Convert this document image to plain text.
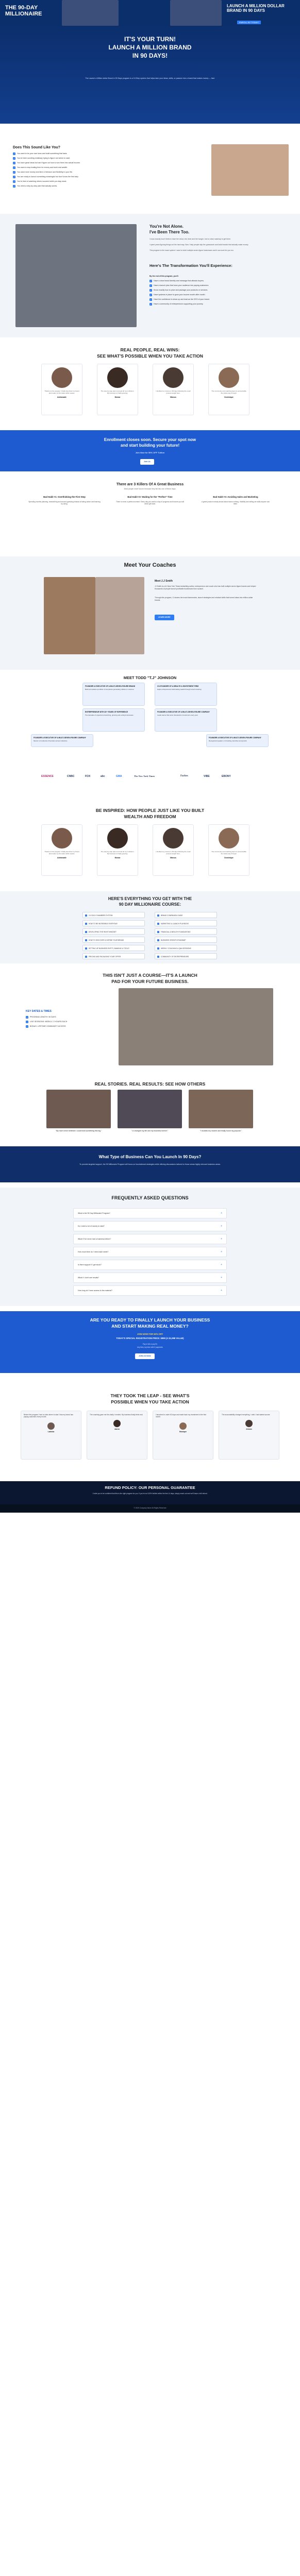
THE 90-DAY MILLIONAIRE
LAUNCH A MILLION DOLLAR BRAND IN 90 DAYS
ENROLL BY TODAY!
IT'S YOUR TURN!
LAUNCH A MILLION BRAND
IN 90 DAYS!
The Launch a Million dollar Brand in 90 Days program is a 10-Step system that helps take your ideas, skills, or passion into a brand that makes money — fast.
Does This Sound Like You?
✓ You want to be your own boss and build something that lasts.
✓ You've been scrolling endlessly trying to figure out where to start.
✓ You have great ideas but can't figure out how to turn them into actual income.
✓ You want to stop trading time for money and build real wealth.
✓ You want more money and time & freedom and flexibility in your life.
✓ You are ready to launch something meaningful but don't know the first step.
✓ You're tired of watching others succeed while you stay stuck.
✓ You need a step-by-step plan that actually works.
You're Not Alone.
I've Been There Too.
I know exactly how it feels to have the vision, the drive and the hunger, but no clear roadmap to get there.
I spent years figuring things out the hard way. Now I help people skip the guesswork and build brands that actually make money.
This program is the exact system I used to build multiple seven-figure businesses and it can work for you too.
Here's The Transformation You'll Experience:
By the end of this program, you'll:
✓ Have a clear brand identity and message that attracts buyers.
✓ Have a launch plan that turns your audience into paying customers.
✓ Know exactly how to price and package your products or services.
✓ Have systems in place to grow your income month after month.
✓ Have the confidence to show up and lead as the CEO of your brand.
✓ Have a community of entrepreneurs supporting your journey.
REAL PEOPLE, REAL WINS:
SEE WHAT'S POSSIBLE WHEN YOU TAKE ACTION

Thanks to this program I finally launched my brand and made my first sales within weeks.

Adebowale

The step-by-step plan removed all my confusion. My business is finally growing.

Monae

I doubled my income in 90 days following the exact process taught here.

Marcus

The community and coaching kept me accountable the whole way through.

Dominique
Enrollment closes soon. Secure your spot now
and start building your future!
Join Now for 50% OFF Tuition
Join Us
There are 3 Killers Of A Great Business
Most people never launch because they fall into one of these traps.
Bad Habit #1: Overthinking the First Step
Spending months planning, researching and second-guessing instead of taking action and learning by doing.
Bad Habit #2: Waiting for the "Perfect" Time
There is never a perfect moment. Every day you wait is a day of progress and income you will never get back.
Bad Habit #3: Avoiding Sales and Marketing
A great product nobody knows about earns nothing. Visibility and selling are skills anyone can learn.
Meet Your Coaches
Meet J.J Smith
JJ Smith is a #1 New York Times bestselling author, entrepreneur and coach who has built multiple seven-figure brands and helped thousands of people launch profitable businesses from scratch.
Through this program, JJ shares the exact frameworks, launch strategies and mindset shifts that turned ideas into million-dollar brands.
LEARN MORE
MEET TODD "T.J" JOHNSON
FOUNDER & EXECUTIVE OF A MULTI-SEVEN-FIGURE BRAND
Built and scaled a portfolio of companies generating millions in revenue.
CO-FOUNDER OF A WEALTH & INVESTMENT FIRM
Helps entrepreneurs build lasting wealth through smart investing.
ENTREPRENEUR WITH 20+ YEARS OF EXPERIENCE
Two decades of experience launching, growing and exiting businesses.
FOUNDER & EXECUTIVE OF A MULTI-SEVEN-FIGURE COMPANY
Leads teams that serve thousands of customers every year.
FOUNDER & EXECUTIVE OF A MULTI-SEVEN-FIGURE COMPANY
Mentor to hundreds of founders across industries.
FOUNDER & EXECUTIVE OF A MULTI-SEVEN-FIGURE COMPANY
Recognized speaker on branding, launches and growth.
ESSENCE	CNBC	FOX	abc	GMA	The New York Times	Forbes	VIBE	EBONY
BE INSPIRED: HOW PEOPLE JUST LIKE YOU BUILT
WEALTH AND FREEDOM

Thanks to this program I finally launched my brand and made my first sales within weeks.

Adebowale

The step-by-step plan removed all my confusion. My business is finally growing.

Monae

I doubled my income in 90 days following the exact process taught here.

Marcus

The community and coaching kept me accountable the whole way through.

Dominique
HERE'S EVERYTHING YOU GET WITH THE
90 DAY MILLIONAIRE COURSE:
10 GOLD CHAMBERS SYSTEM
HOW TO BE INCREDIBLE EVERYDAY
DEVELOPING THE RIGHT MINDSET
HOW TO DISCOVER & DEFINE YOUR BRAND
SETTING UP BUSINESS ENTITY, BANKING & TOOLS
PRICING AND PACKAGING YOUR OFFER
BRAND COMPANION GUIDE
MARKETING & LAUNCH PLAYBOOK
FINANCIAL & WEALTH FOUNDATIONS
BUSINESS GROWTH ROADMAP
WEEKLY COACHING & Q&A SESSIONS
COMMUNITY OF ENTREPRENEURS
THIS ISN'T JUST A COURSE—IT'S A LAUNCH
PAD FOR YOUR FUTURE BUSINESS.
KEY DATES & TIMES
•	PROGRAM LENGTH: 90 DAYS
•	LIVE SESSIONS: WEEKLY, 2 HOURS EACH
•	BONUS: LIFETIME COMMUNITY ACCESS
REAL STORIES. REAL RESULTS: SEE HOW OTHERS
"My mom never believed I could build something this big."	"JJ changed my life and my business forever."	"I doubled my income and finally found my purpose."
What Type of Business Can You Launch In 90 Days?
To provide targeted support, the 90 Millionaire Program will focus on foundational strategies while offering discussions tailored to those areas highly relevant business areas.
FREQUENTLY ASKED QUESTIONS
What is the 90 Day Millionaire Program?	+
Do I need a lot of money to start?	+
What if I've never had a business before?	+
How much time do I need each week?	+
Is there support if I get stuck?	+
What if I don't see results?	+
How long do I have access to the material?	+
ARE YOU READY TO FINALLY LAUNCH YOUR BUSINESS
AND START MAKING REAL MONEY?
JOIN NOW FOR 50% OFF
TODAY'S SPECIAL REGISTRATION PRICE: $999 (A $1,998 VALUE)
Pay in full or pay $1
Any fees, top tutor with 3 payments
JOIN US NOW
THEY TOOK THE LEAP - SEE WHAT'S
POSSIBLE WHEN YOU TAKE ACTION
Before this program I had no idea where to start. Now my brand has paying customers every month.
Lakisha
The coaching gave me the clarity I needed. My business finally feels real.
Aaron
I launched in under 60 days and made back my investment in the first month.
Monique
The accountability changed everything. I wish I had started sooner.
Jerome
REFUND POLICY: OUR PERSONAL GUARANTEE
I invite you to be confident that this is the right program for you. If you're not 100% thrilled within the first 14 days, simply reach out and we'll issue a full refund.
© 2025 Company Name All Rights Reserved
